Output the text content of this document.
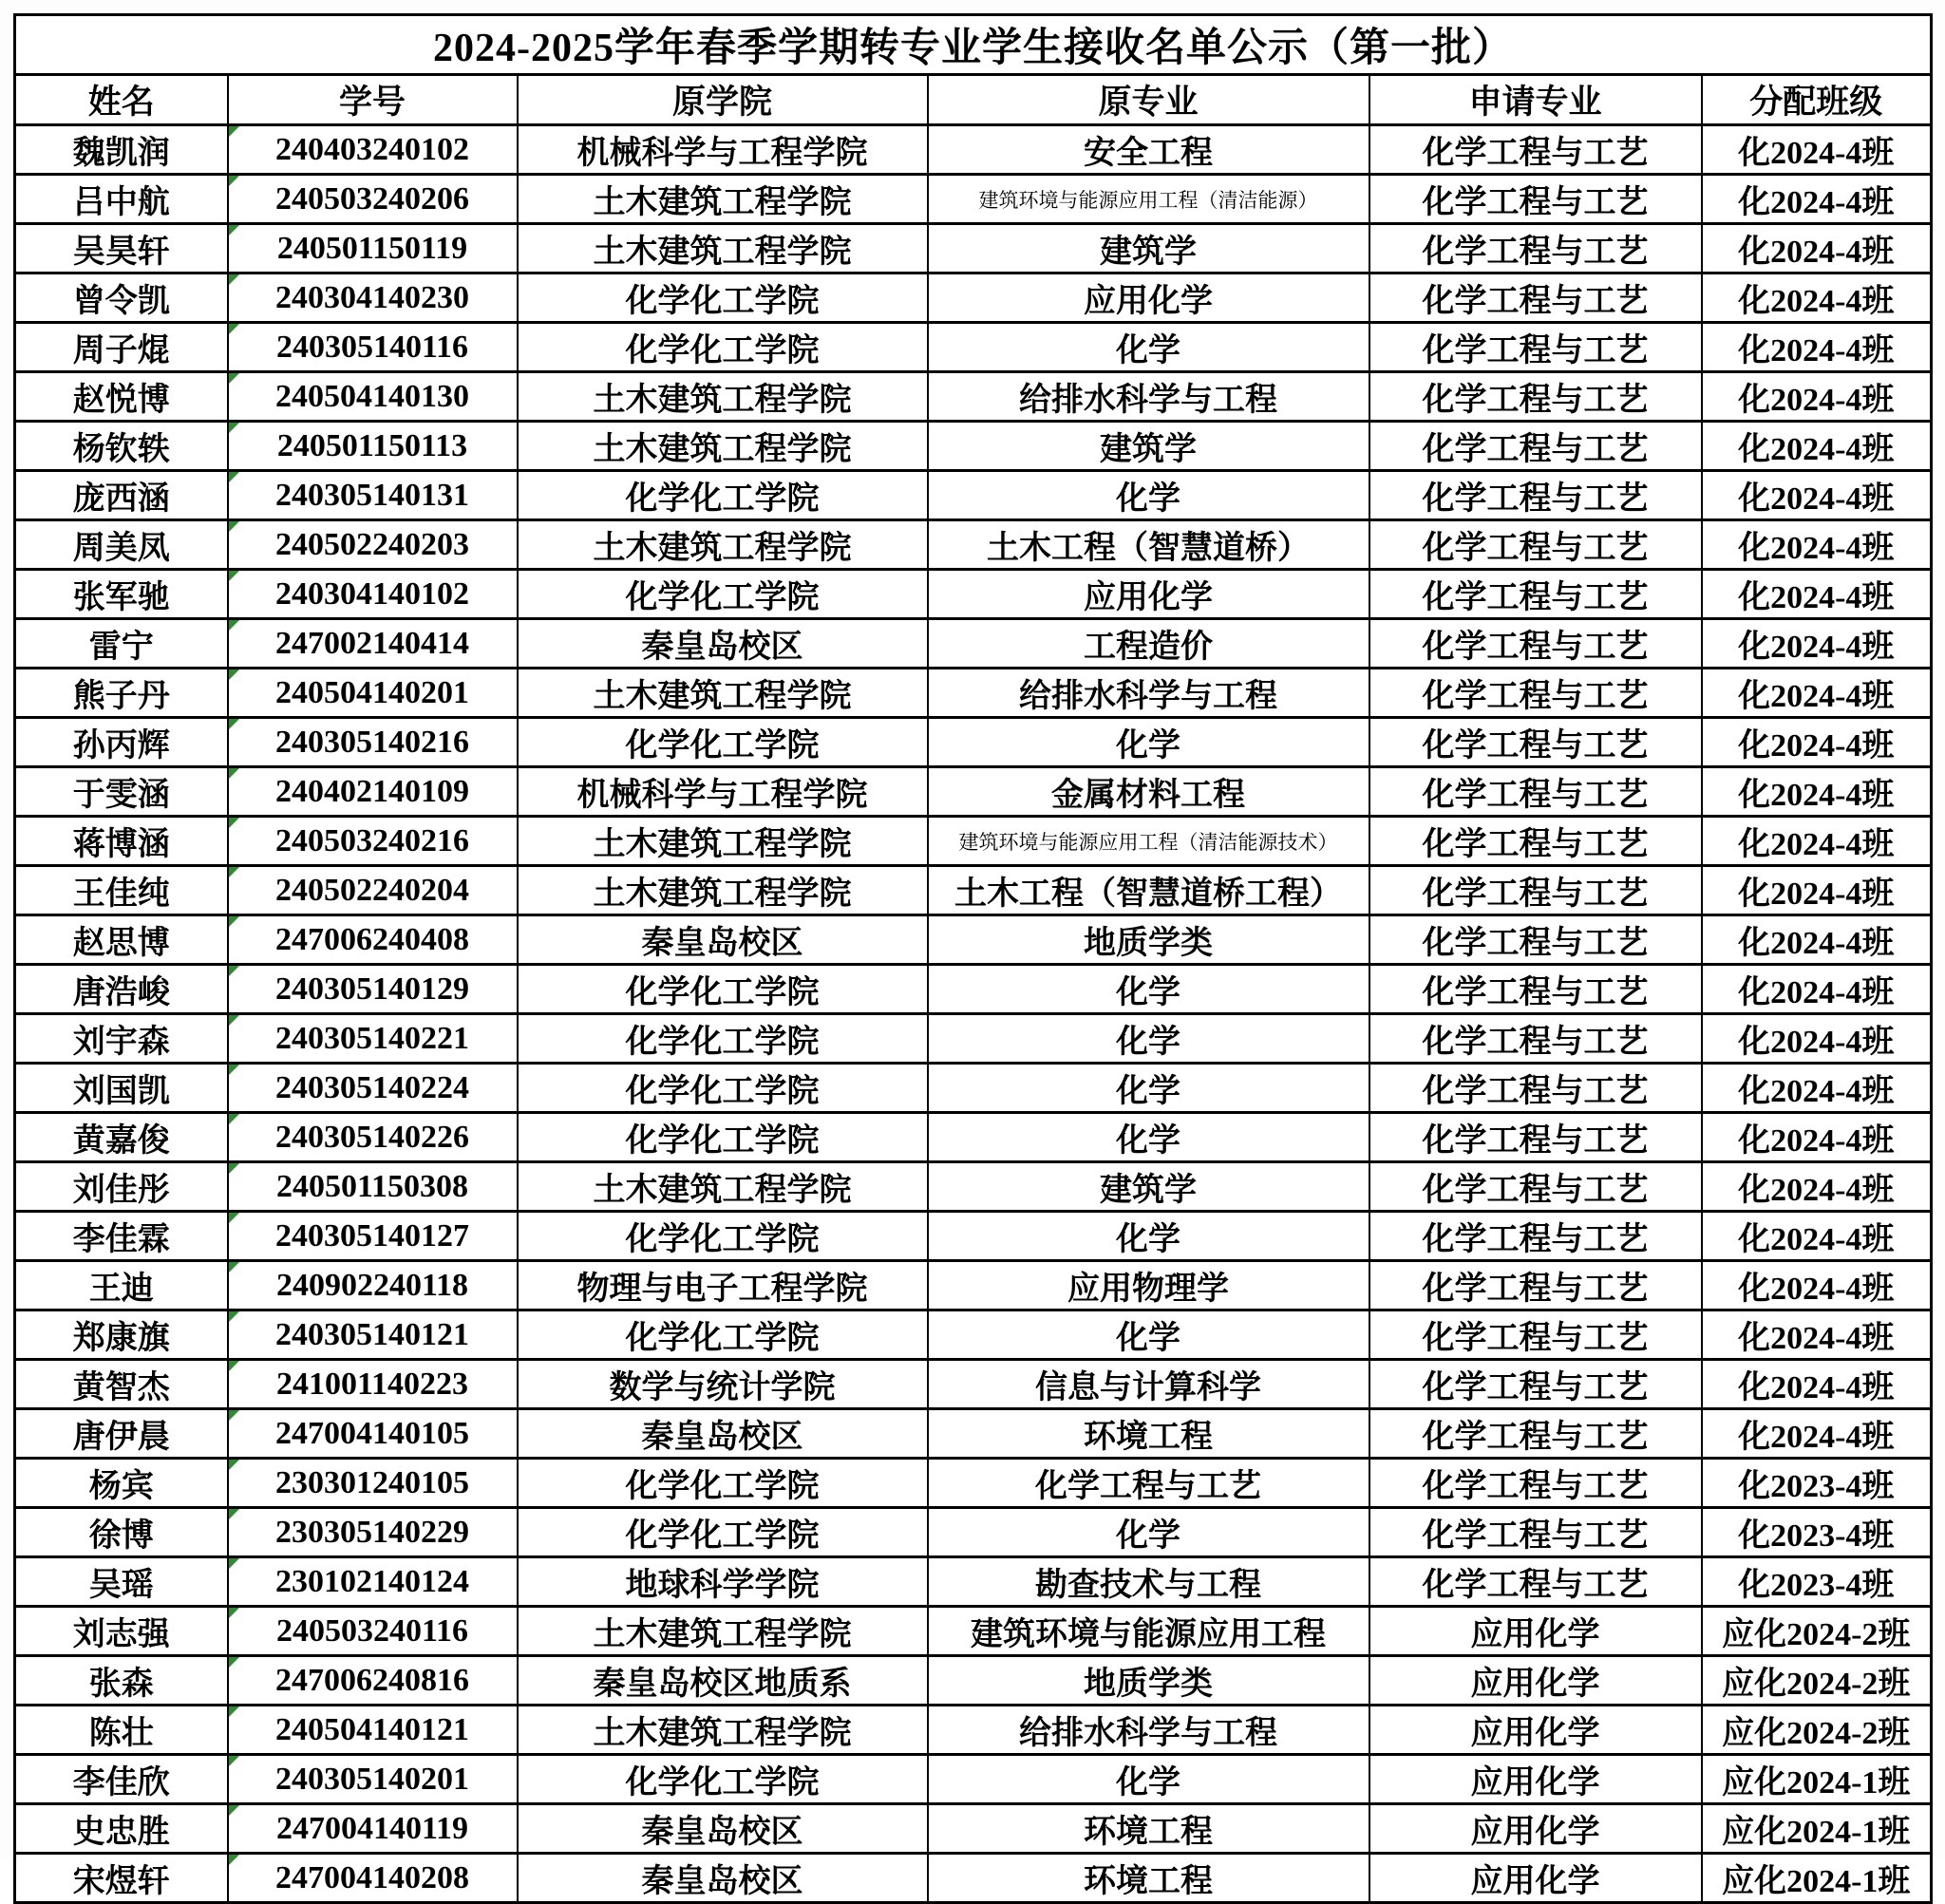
2024-2025学年春季学期转专业学生接收名单公示（第一批）					
姓名	学号	原学院	原专业	申请专业	分配班级
魏凯润	240403240102	机械科学与工程学院	安全工程	化学工程与工艺	化2024-4班
吕中航	240503240206	土木建筑工程学院	建筑环境与能源应用工程（清洁能源）	化学工程与工艺	化2024-4班
吴昊轩	240501150119	土木建筑工程学院	建筑学	化学工程与工艺	化2024-4班
曾令凯	240304140230	化学化工学院	应用化学	化学工程与工艺	化2024-4班
周子焜	240305140116	化学化工学院	化学	化学工程与工艺	化2024-4班
赵悦博	240504140130	土木建筑工程学院	给排水科学与工程	化学工程与工艺	化2024-4班
杨钦轶	240501150113	土木建筑工程学院	建筑学	化学工程与工艺	化2024-4班
庞西涵	240305140131	化学化工学院	化学	化学工程与工艺	化2024-4班
周美凤	240502240203	土木建筑工程学院	土木工程（智慧道桥）	化学工程与工艺	化2024-4班
张军驰	240304140102	化学化工学院	应用化学	化学工程与工艺	化2024-4班
雷宁	247002140414	秦皇岛校区	工程造价	化学工程与工艺	化2024-4班
熊子丹	240504140201	土木建筑工程学院	给排水科学与工程	化学工程与工艺	化2024-4班
孙丙辉	240305140216	化学化工学院	化学	化学工程与工艺	化2024-4班
于雯涵	240402140109	机械科学与工程学院	金属材料工程	化学工程与工艺	化2024-4班
蒋博涵	240503240216	土木建筑工程学院	建筑环境与能源应用工程（清洁能源技术）	化学工程与工艺	化2024-4班
王佳纯	240502240204	土木建筑工程学院	土木工程（智慧道桥工程）	化学工程与工艺	化2024-4班
赵思博	247006240408	秦皇岛校区	地质学类	化学工程与工艺	化2024-4班
唐浩峻	240305140129	化学化工学院	化学	化学工程与工艺	化2024-4班
刘宇森	240305140221	化学化工学院	化学	化学工程与工艺	化2024-4班
刘国凯	240305140224	化学化工学院	化学	化学工程与工艺	化2024-4班
黄嘉俊	240305140226	化学化工学院	化学	化学工程与工艺	化2024-4班
刘佳彤	240501150308	土木建筑工程学院	建筑学	化学工程与工艺	化2024-4班
李佳霖	240305140127	化学化工学院	化学	化学工程与工艺	化2024-4班
王迪	240902240118	物理与电子工程学院	应用物理学	化学工程与工艺	化2024-4班
郑康旗	240305140121	化学化工学院	化学	化学工程与工艺	化2024-4班
黄智杰	241001140223	数学与统计学院	信息与计算科学	化学工程与工艺	化2024-4班
唐伊晨	247004140105	秦皇岛校区	环境工程	化学工程与工艺	化2024-4班
杨宾	230301240105	化学化工学院	化学工程与工艺	化学工程与工艺	化2023-4班
徐博	230305140229	化学化工学院	化学	化学工程与工艺	化2023-4班
吴瑶	230102140124	地球科学学院	勘查技术与工程	化学工程与工艺	化2023-4班
刘志强	240503240116	土木建筑工程学院	建筑环境与能源应用工程	应用化学	应化2024-2班
张森	247006240816	秦皇岛校区地质系	地质学类	应用化学	应化2024-2班
陈壮	240504140121	土木建筑工程学院	给排水科学与工程	应用化学	应化2024-2班
李佳欣	240305140201	化学化工学院	化学	应用化学	应化2024-1班
史忠胜	247004140119	秦皇岛校区	环境工程	应用化学	应化2024-1班
宋煜轩	247004140208	秦皇岛校区	环境工程	应用化学	应化2024-1班
